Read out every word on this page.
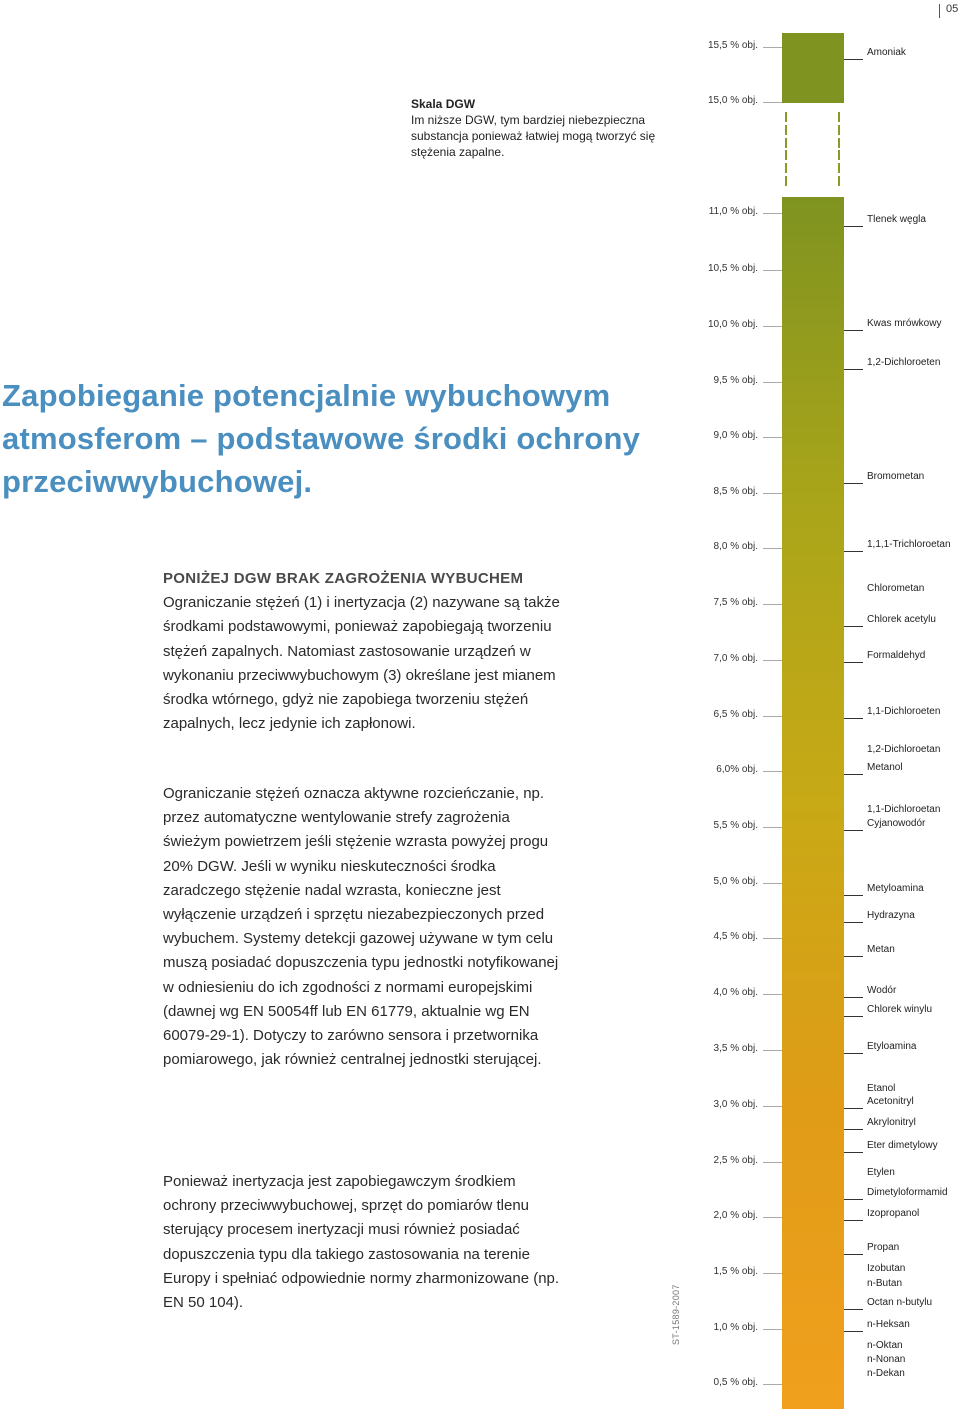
05
Skala DGW
Im niższe DGW, tym bardziej niebezpieczna substancja ponieważ łatwiej mogą tworzyć się stężenia zapalne.
Zapobieganie potencjalnie wybuchowym atmosferom – podstawowe środki ochrony przeciwwybuchowej.
PONIŻEJ DGW BRAK ZAGROŻENIA WYBUCHEM
Ograniczanie stężeń (1) i inertyzacja (2) nazywane są także środkami podstawowymi, ponieważ zapobiegają tworzeniu stężeń zapalnych. Natomiast zastosowanie urządzeń w wykonaniu przeciwwybuchowym (3) określane jest mianem środka wtórnego, gdyż nie zapobiega tworzeniu stężeń zapalnych, lecz jedynie ich zapłonowi.
Ograniczanie stężeń oznacza aktywne rozcieńczanie, np. przez automatyczne wentylowanie strefy zagrożenia świeżym powietrzem jeśli stężenie wzrasta powyżej progu 20% DGW. Jeśli w wyniku nieskuteczności środka zaradczego stężenie nadal wzrasta, konieczne jest wyłączenie urządzeń i sprzętu niezabezpieczonych przed wybuchem. Systemy detekcji gazowej używane w tym celu muszą posiadać dopuszczenia typu jednostki notyfikowanej w odniesieniu do ich zgodności z normami europejskimi (dawnej wg EN 50054ff lub EN 61779, aktualnie wg EN 60079-29-1). Dotyczy to zarówno sensora i przetwornika pomiarowego, jak również centralnej jednostki sterującej.
Ponieważ inertyzacja jest zapobiegawczym środkiem ochrony przeciwwybuchowej, sprzęt do pomiarów tlenu sterujący procesem inertyzacji musi również posiadać dopuszczenia typu dla takiego zastosowania na terenie Europy i spełniać odpowiednie normy zharmonizowane (np. EN 50 104).	ST-1589-2007
15,5 % obj.
15,0 % obj.
11,0 % obj.
10,5 % obj.
10,0 % obj.
9,5 % obj.
9,0 % obj.
8,5 % obj.
8,0 % obj.
7,5 % obj.
7,0 % obj.
6,5 % obj.
6,0% obj.
5,5 % obj.
5,0 % obj.
4,5 % obj.
4,0 % obj.
3,5 % obj.
3,0 % obj.
2,5 % obj.
2,0 % obj.
1,5 % obj.
1,0 % obj.
0,5 % obj.
Amoniak
Tlenek węgla
Kwas mrówkowy
1,2-Dichloroeten
Bromometan
1,1,1-Trichloroetan
Chlorometan
Chlorek acetylu
Formaldehyd
1,1-Dichloroeten
1,2-Dichloroetan
Metanol
1,1-Dichloroetan
Cyjanowodór
Metyloamina
Hydrazyna
Metan
Wodór
Chlorek winylu
Etyloamina
Etanol
Acetonitryl
Akrylonitryl
Eter dimetylowy
Etylen
Dimetyloformamid
Izopropanol
Propan
Izobutan
n-Butan
Octan n-butylu
n-Heksan
n-Oktan
n-Nonan
n-Dekan
